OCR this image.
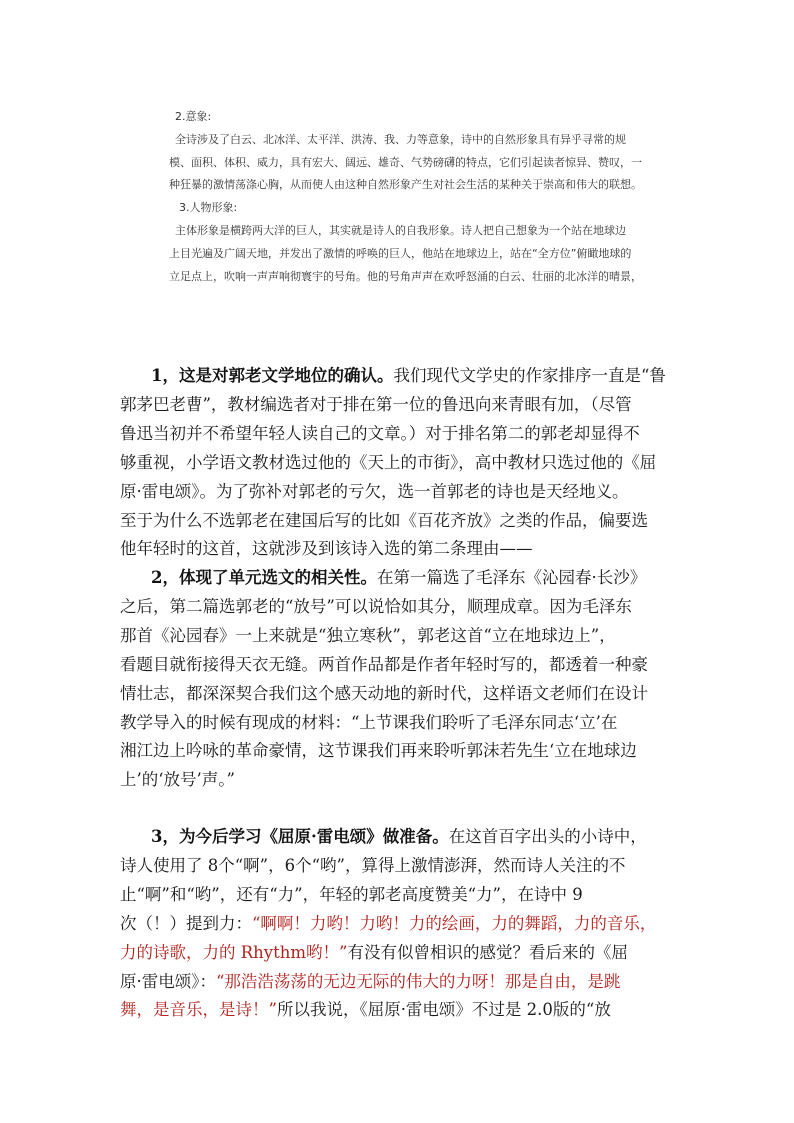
2.意象:

全诗涉及了白云、北冰洋、太平洋、洪涛、我、力等意象，诗中的自然形象具有异乎寻常的规
模、面积、体积、威力，具有宏大、阔远、雄奇、气势磅礴的特点，它们引起读者惊异、赞叹，一
种狂暴的激情荡涤心胸，从而使人由这种自然形象产生对社会生活的某种关于崇高和伟大的联想。

3.人物形象:

主体形象是横跨两大洋的巨人，其实就是诗人的自我形象。诗人把自己想象为一个站在地球边
上目光遍及广阔天地，并发出了激情的呼唤的巨人，他站在地球边上，站在“全方位”俯瞰地球的
立足点上，吹响一声声响彻寰宇的号角。他的号角声声在欢呼怒涌的白云、壮丽的北冰洋的晴景，

1，这是对郭老文学地位的确认。我们现代文学史的作家排序一直是“鲁
郭茅巴老曹”，教材编选者对于排在第一位的鲁迅向来青眼有加，（尽管
鲁迅当初并不希望年轻人读自己的文章。）对于排名第二的郭老却显得不
够重视，小学语文教材选过他的《天上的市街》，高中教材只选过他的《屈
原·雷电颂》。为了弥补对郭老的亏欠，选一首郭老的诗也是天经地义。
至于为什么不选郭老在建国后写的比如《百花齐放》之类的作品，偏要选
他年轻时的这首，这就涉及到该诗入选的第二条理由——
2，体现了单元选文的相关性。在第一篇选了毛泽东《沁园春·长沙》
之后，第二篇选郭老的“放号”可以说恰如其分，顺理成章。因为毛泽东
那首《沁园春》一上来就是“独立寒秋”，郭老这首“立在地球边上”，
看题目就衔接得天衣无缝。两首作品都是作者年轻时写的，都透着一种豪
情壮志，都深深契合我们这个感天动地的新时代，这样语文老师们在设计
教学导入的时候有现成的材料：“上节课我们聆听了毛泽东同志‘立’在
湘江边上吟咏的革命豪情，这节课我们再来聆听郭沫若先生‘立在地球边
上’的‘放号’声。”
3，为今后学习《屈原·雷电颂》做准备。在这首百字出头的小诗中，
诗人使用了 8个“啊”，6个“哟”，算得上激情澎湃，然而诗人关注的不
止“啊”和“哟”，还有“力”，年轻的郭老高度赞美“力”，在诗中 9
次（！）提到力：“啊啊！力哟！力哟！力的绘画，力的舞蹈，力的音乐，
力的诗歌，力的 Rhythm哟！”有没有似曾相识的感觉？看后来的《屈
原·雷电颂》：“那浩浩荡荡的无边无际的伟大的力呀！那是自由，是跳
舞，是音乐，是诗！”所以我说，《屈原·雷电颂》不过是 2.0版的“放
